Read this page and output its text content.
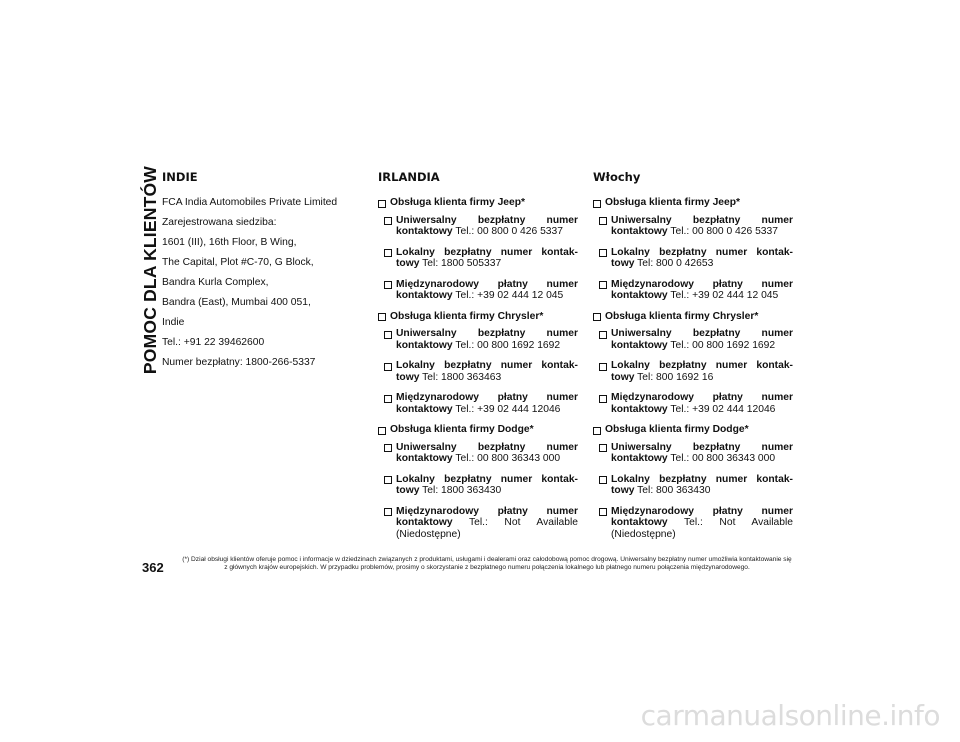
POMOC DLA KLIENTÓW INDIE

FCA India Automobiles Private Limited

Zarejestrowana siedziba:

1601 (III), 16th Floor, B Wing,

The Capital, Plot #C-70, G Block,

Bandra Kurla Complex,

Bandra (East), Mumbai 400 051,

Indie

Tel.: +91 22 39462600

Numer bezpłatny: 1800-266-5337

IRLANDIA
Obsługa klienta firmy Jeep*
Uniwersalny bezpłatny numer kontaktowy Tel.: 00 800 0 426 5337
Lokalny bezpłatny numer kontak-towy Tel: 1800 505337
Międzynarodowy płatny numer kontaktowy Tel.: +39 02 444 12 045
Obsługa klienta firmy Chrysler*
Uniwersalny bezpłatny numer kontaktowy Tel.: 00 800 1692 1692
Lokalny bezpłatny numer kontak-towy Tel: 1800 363463
Międzynarodowy płatny numer kontaktowy Tel.: +39 02 444 12046
Obsługa klienta firmy Dodge*
Uniwersalny bezpłatny numer kontaktowy Tel.: 00 800 36343 000
Lokalny bezpłatny numer kontak-towy Tel: 1800 363430
Międzynarodowy płatny numer kontaktowy Tel.: Not Available (Niedostępne)
Włochy
Obsługa klienta firmy Jeep*
Uniwersalny bezpłatny numer kontaktowy Tel.: 00 800 0 426 5337
Lokalny bezpłatny numer kontak-towy Tel: 800 0 42653
Międzynarodowy płatny numer kontaktowy Tel.: +39 02 444 12 045
Obsługa klienta firmy Chrysler*
Uniwersalny bezpłatny numer kontaktowy Tel.: 00 800 1692 1692
Lokalny bezpłatny numer kontak-towy Tel: 800 1692 16
Międzynarodowy płatny numer kontaktowy Tel.: +39 02 444 12046
Obsługa klienta firmy Dodge*
Uniwersalny bezpłatny numer kontaktowy Tel.: 00 800 36343 000
Lokalny bezpłatny numer kontak-towy Tel: 800 363430
Międzynarodowy płatny numer kontaktowy Tel.: Not Available (Niedostępne)
362
(*) Dział obsługi klientów oferuje pomoc i informacje w dziedzinach związanych z produktami, usługami i dealerami oraz całodobową pomoc drogową. Uniwersalny bezpłatny numer umożliwia kontaktowanie się
z głównych krajów europejskich. W przypadku problemów, prosimy o skorzystanie z bezpłatnego numeru połączenia lokalnego lub płatnego numeru połączenia międzynarodowego.
carmanualsonline.info
